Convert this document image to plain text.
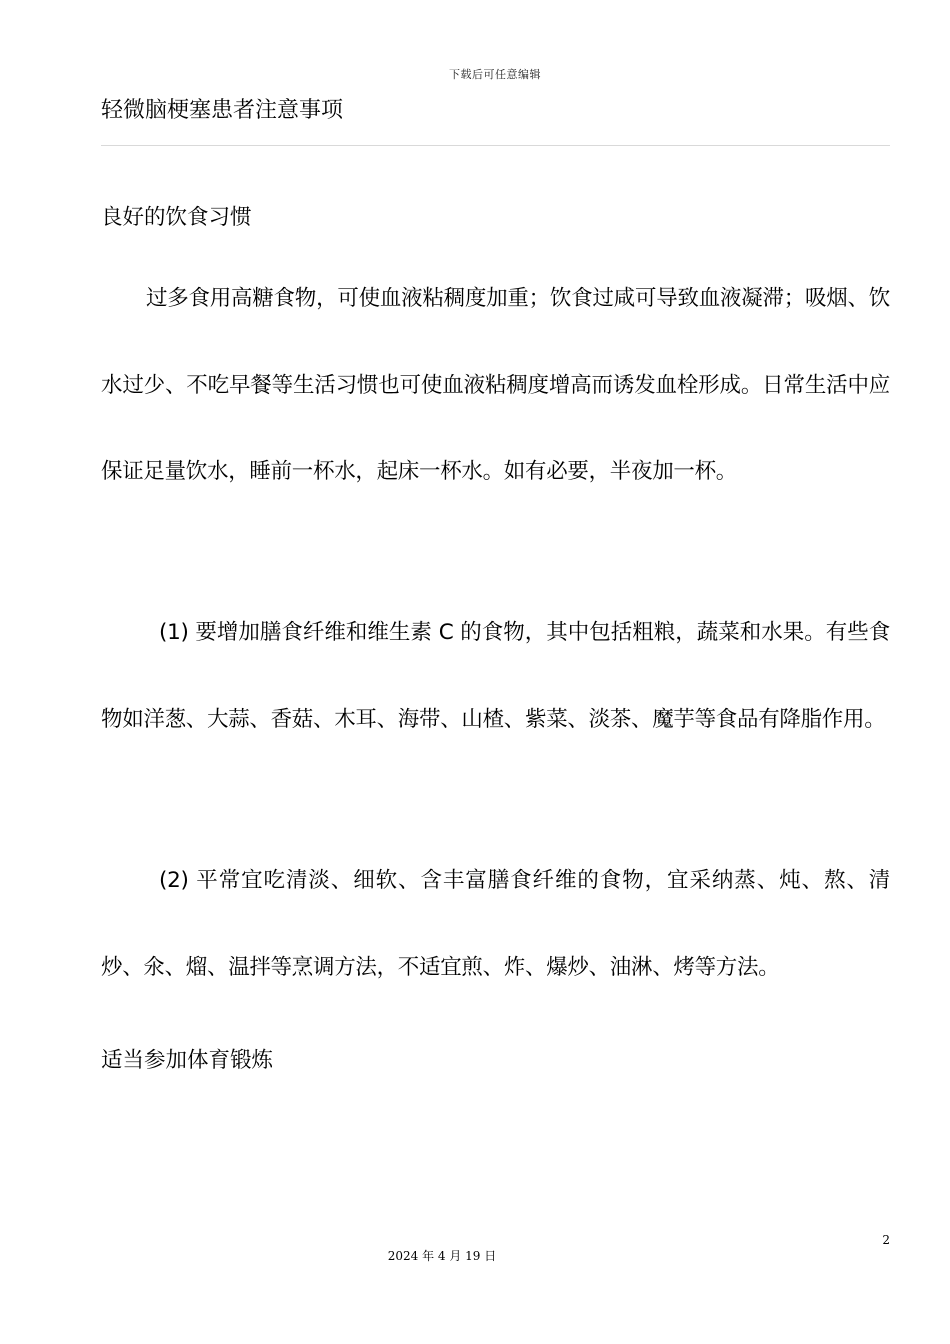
下载后可任意编辑
轻微脑梗塞患者注意事项
良好的饮食习惯
过多食用高糖食物，可使血液粘稠度加重；饮食过咸可导致血液凝滞；吸烟、饮水过少、不吃早餐等生活习惯也可使血液粘稠度增高而诱发血栓形成。日常生活中应保证足量饮水，睡前一杯水，起床一杯水。如有必要，半夜加一杯。
(1) 要增加膳食纤维和维生素 C 的食物，其中包括粗粮，蔬菜和水果。有些食物如洋葱、大蒜、香菇、木耳、海带、山楂、紫菜、淡茶、魔芋等食品有降脂作用。
(2) 平常宜吃清淡、细软、含丰富膳食纤维的食物，宜采纳蒸、炖、熬、清炒、氽、熘、温拌等烹调方法，不适宜煎、炸、爆炒、油淋、烤等方法。
适当参加体育锻炼
2
2024 年 4 月 19 日
